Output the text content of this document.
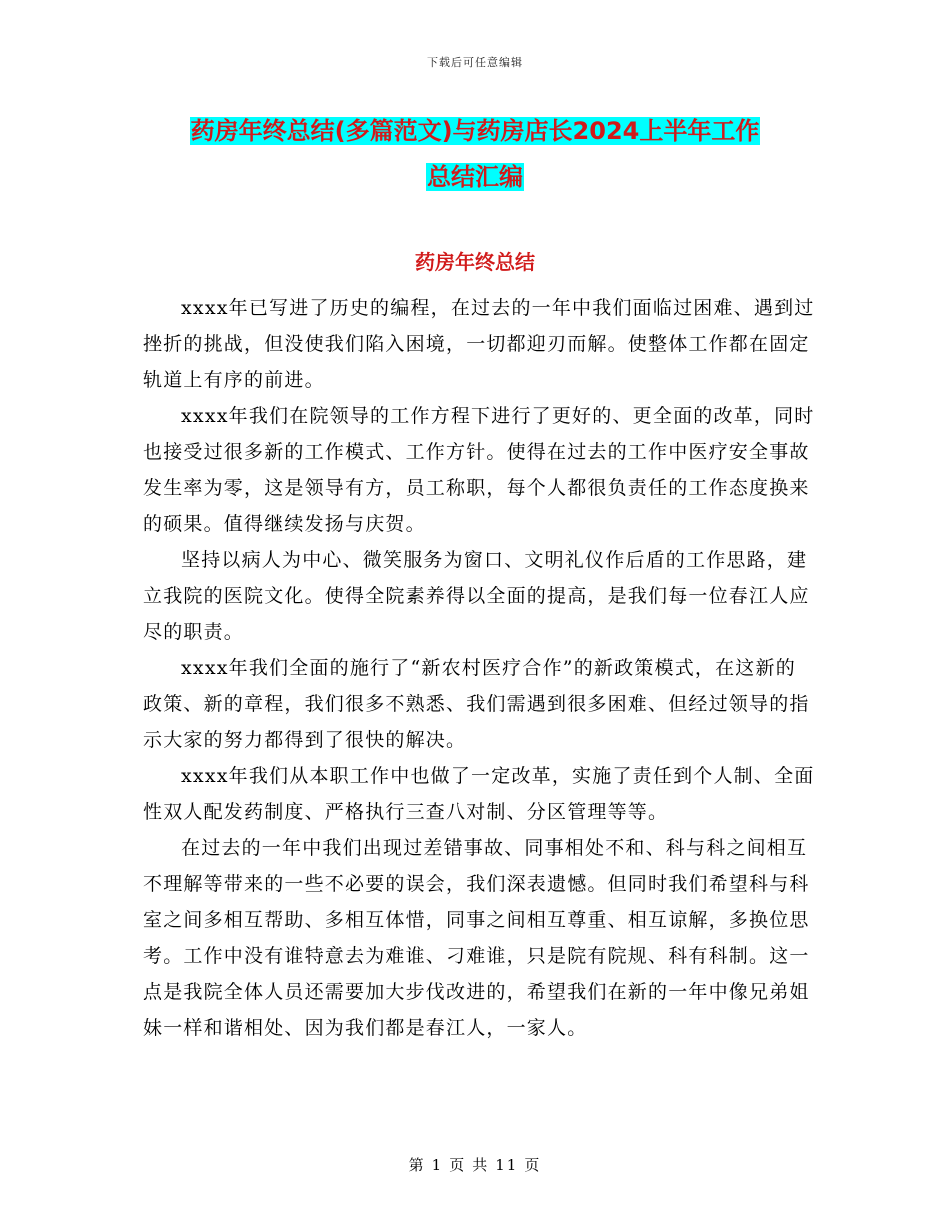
下载后可任意编辑
药房年终总结(多篇范文)与药房店长2024上半年工作
总结汇编
药房年终总结

xxxx年已写进了历史的编程，在过去的一年中我们面临过困难、遇到过挫折的挑战，但没使我们陷入困境，一切都迎刃而解。使整体工作都在固定轨道上有序的前进。

xxxx年我们在院领导的工作方程下进行了更好的、更全面的改革，同时也接受过很多新的工作模式、工作方针。使得在过去的工作中医疗安全事故发生率为零，这是领导有方，员工称职，每个人都很负责任的工作态度换来的硕果。值得继续发扬与庆贺。

坚持以病人为中心、微笑服务为窗口、文明礼仪作后盾的工作思路，建立我院的医院文化。使得全院素养得以全面的提高，是我们每一位春江人应尽的职责。

xxxx年我们全面的施行了“新农村医疗合作”的新政策模式，在这新的政策、新的章程，我们很多不熟悉、我们需遇到很多困难、但经过领导的指示大家的努力都得到了很快的解决。

xxxx年我们从本职工作中也做了一定改革，实施了责任到个人制、全面性双人配发药制度、严格执行三查八对制、分区管理等等。

在过去的一年中我们出现过差错事故、同事相处不和、科与科之间相互不理解等带来的一些不必要的误会，我们深表遗憾。但同时我们希望科与科室之间多相互帮助、多相互体惜，同事之间相互尊重、相互谅解，多换位思考。工作中没有谁特意去为难谁、刁难谁，只是院有院规、科有科制。这一点是我院全体人员还需要加大步伐改进的，希望我们在新的一年中像兄弟姐妹一样和谐相处、因为我们都是春江人，一家人。

第 1 页 共 11 页
